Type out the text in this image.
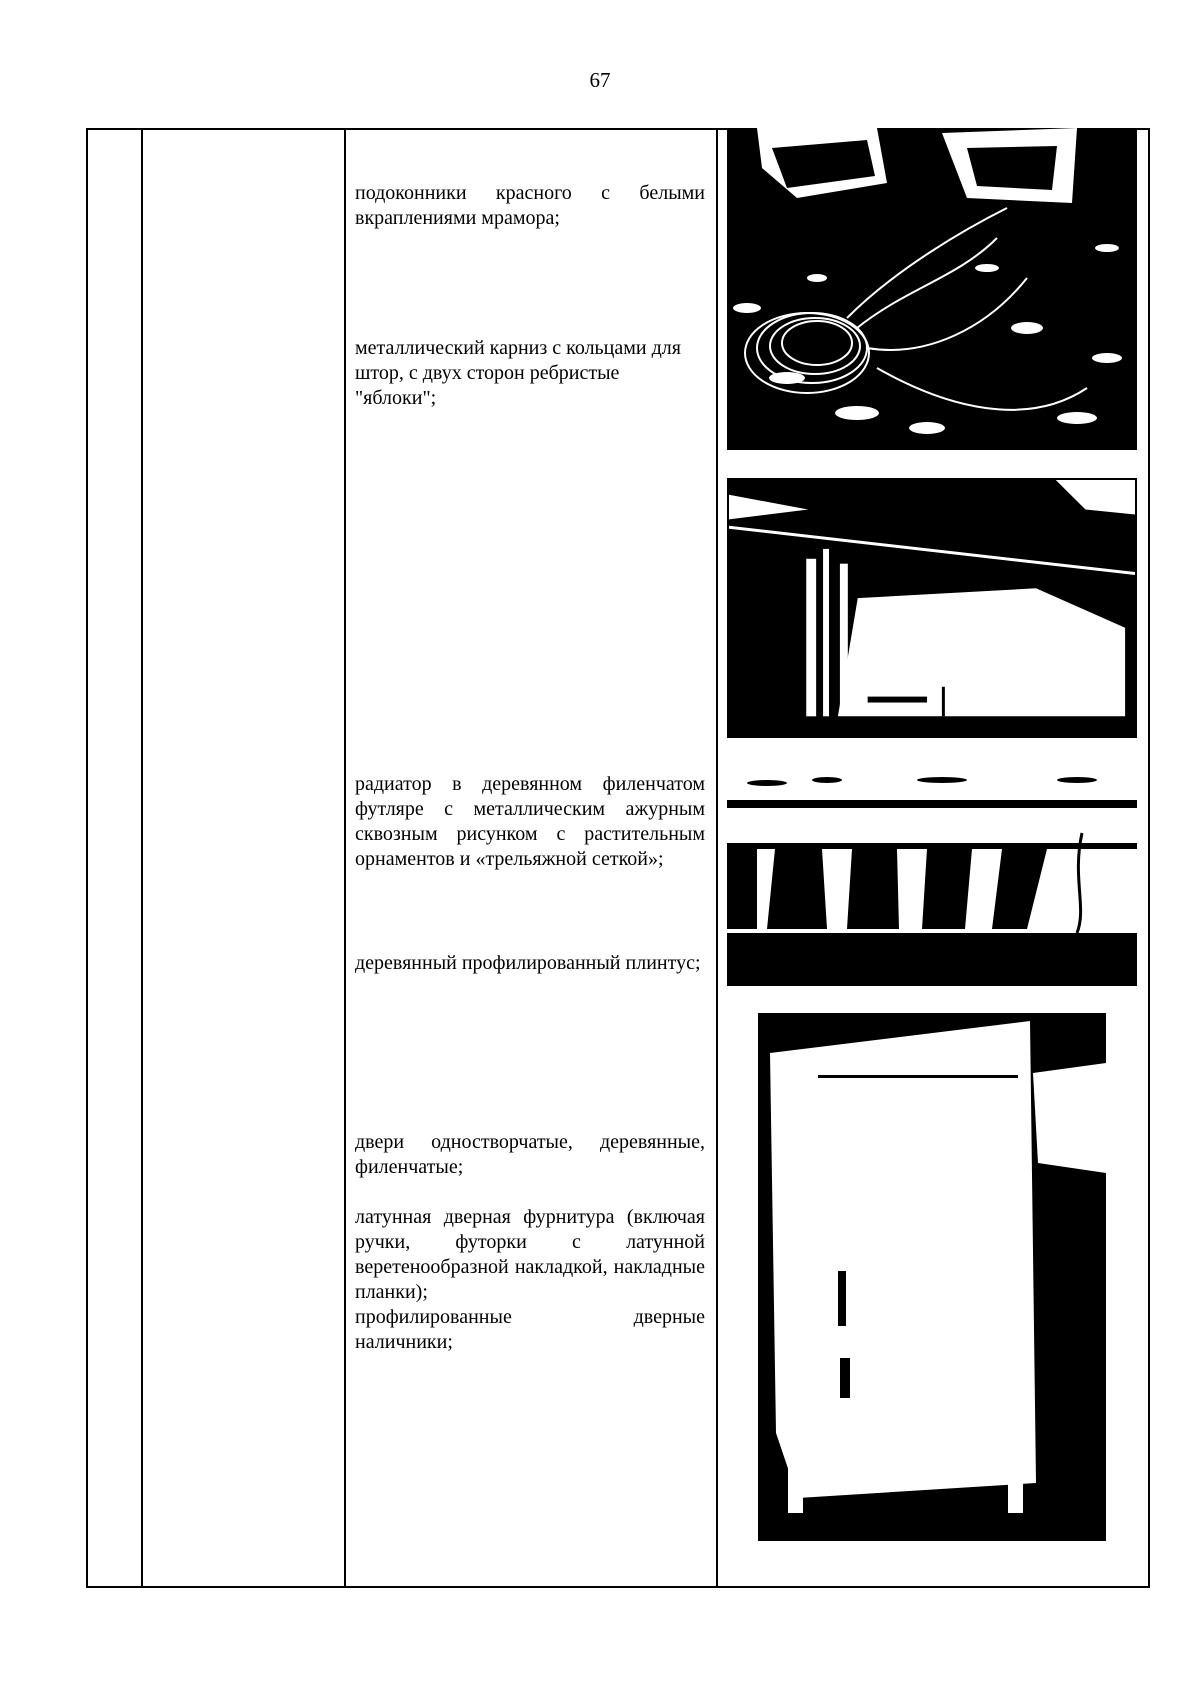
67
подоконники красного с белыми вкраплениями мрамора;
металлический карниз с кольцами для штор, с двух сторон ребристые "яблоки";
радиатор в деревянном филенчатом футляре с металлическим ажурным сквозным рисунком с растительным орнаментов и «трельяжной сеткой»;
деревянный профилированный плинтус;
двери одностворчатые, деревянные, филенчатые;
латунная дверная фурнитура (включая ручки, футорки с латунной веретенообразной накладкой, накладные планки);
профилированные	дверные
наличники;
